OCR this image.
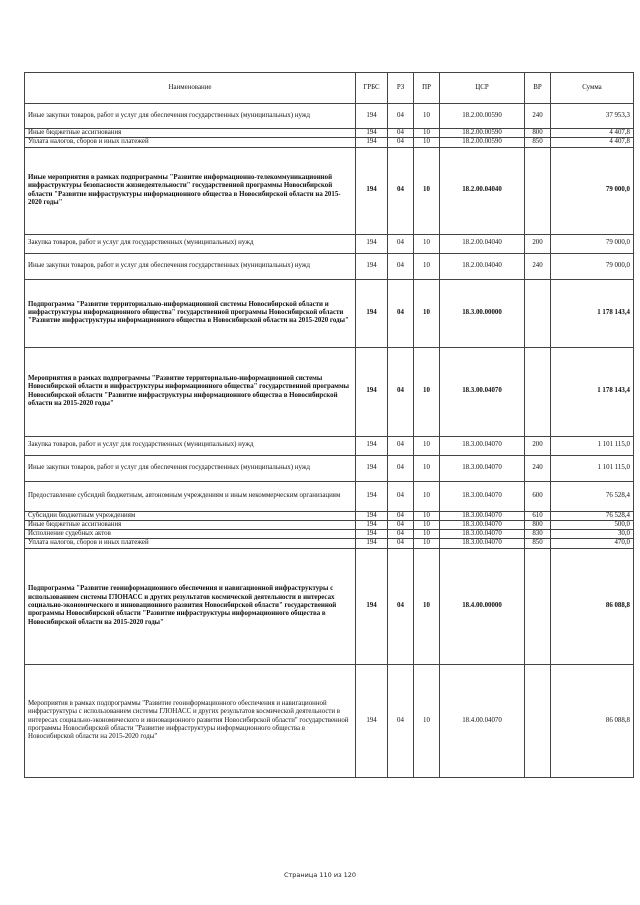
Наименование	ГРБС	РЗ	ПР	ЦСР	ВР	Сумма
Иные закупки товаров, работ и услуг для обеспечения государственных (муниципальных) нужд	194	04	10	18.2.00.00590	240	37 953,3
Иные бюджетные ассигнования	194	04	10	18.2.00.00590	800	4 407,8
Уплата налогов, сборов и иных платежей	194	04	10	18.2.00.00590	850	4 407,8
Иные мероприятия в рамках подпрограммы "Развитие информационно-телекоммуникационной инфраструктуры безопасности жизнедеятельности" государственной программы Новосибирской области "Развитие инфраструктуры информационного общества в Новосибирской области на 2015-2020 годы"	194	04	10	18.2.00.04040		79 000,0
Закупка товаров, работ и услуг для государственных (муниципальных) нужд	194	04	10	18.2.00.04040	200	79 000,0
Иные закупки товаров, работ и услуг для обеспечения государственных (муниципальных) нужд	194	04	10	18.2.00.04040	240	79 000,0
Подпрограмма "Развитие территориально-информационной системы Новосибирской области и инфраструктуры информационного общества" государственной программы Новосибирской области "Развитие инфраструктуры информационного общества в Новосибирской области на 2015-2020 годы"	194	04	10	18.3.00.00000		1 178 143,4
Мероприятия в рамках подпрограммы "Развитие территориально-информационной системы Новосибирской области и инфраструктуры информационного общества" государственной программы Новосибирской области "Развитие инфраструктуры информационного общества в Новосибирской области на 2015-2020 годы"	194	04	10	18.3.00.04070		1 178 143,4
Закупка товаров, работ и услуг для государственных (муниципальных) нужд	194	04	10	18.3.00.04070	200	1 101 115,0
Иные закупки товаров, работ и услуг для обеспечения государственных (муниципальных) нужд	194	04	10	18.3.00.04070	240	1 101 115,0
Предоставление субсидий бюджетным, автономным учреждениям и иным некоммерческим организациям	194	04	10	18.3.00.04070	600	76 528,4
Субсидии бюджетным учреждениям	194	04	10	18.3.00.04070	610	76 528,4
Иные бюджетные ассигнования	194	04	10	18.3.00.04070	800	500,0
Исполнение судебных актов	194	04	10	18.3.00.04070	830	30,0
Уплата налогов, сборов и иных платежей	194	04	10	18.3.00.04070	850	470,0
Подпрограмма "Развитие геоинформационного обеспечения и навигационной инфраструктуры с использованием системы ГЛОНАСС и других результатов космической деятельности в интересах социально-экономического и инновационного развития Новосибирской области" государственной программы Новосибирской области "Развитие инфраструктуры информационного общества в Новосибирской области на 2015-2020 годы"	194	04	10	18.4.00.00000		86 088,8
Мероприятия в рамках подпрограммы "Развитие геоинформационного обеспечения и навигационной инфраструктуры с использованием системы ГЛОНАСС и других результатов космической деятельности в интересах социально-экономического и инновационного развития Новосибирской области" государственной программы Новосибирской области "Развитие инфраструктуры информационного общества в Новосибирской области на 2015-2020 годы"	194	04	10	18.4.00.04070		86 088,8
Страница 110 из 120
